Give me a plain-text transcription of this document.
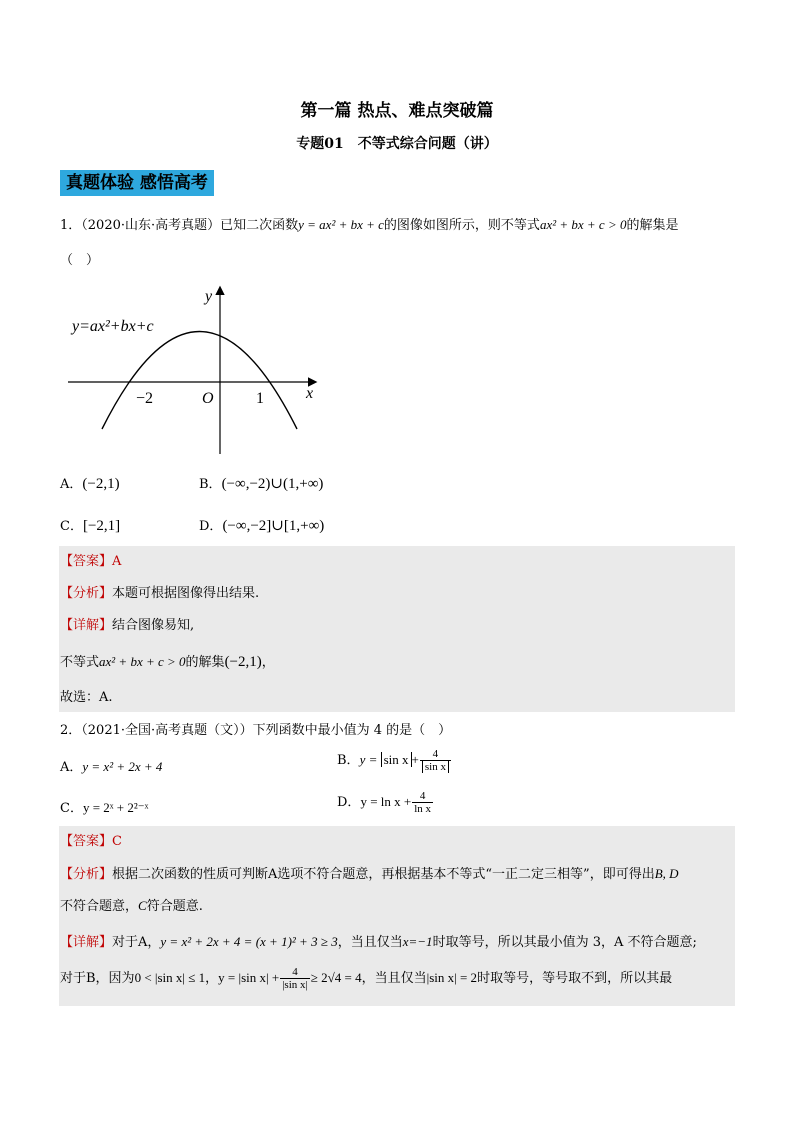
第一篇 热点、难点突破篇
专题01　不等式综合问题（讲）
真题体验 感悟高考
1．（2020·山东·高考真题）已知二次函数y = ax² + bx + c的图像如图所示，则不等式ax² + bx + c > 0的解集是
（　）
y=ax²+bx+c
y
x
O
−2	1
A．(−2,1)	B．(−∞,−2)∪(1,+∞)
C．[−2,1]	D．(−∞,−2]∪[1,+∞)
【答案】A
【分析】本题可根据图像得出结果.
【详解】结合图像易知,
不等式ax² + bx + c > 0的解集(−2,1)，
故选：A.
2．（2021·全国·高考真题（文））下列函数中最小值为 4 的是（　）
A．y = x² + 2x + 4	B．$y = \sin x + \frac{4}{\text{sin x}}$
C．y = 2ˣ + 2²⁻ˣ	D．$y = \ln x + \frac{4}{\text{ln x}}$
【答案】C
【分析】根据二次函数的性质可判断A选项不符合题意，再根据基本不等式“一正二定三相等”，即可得出B, D
不符合题意，C符合题意.
【详解】对于A，y = x² + 2x + 4 = (x + 1)² + 3 ≥ 3，当且仅当x=−1时取等号，所以其最小值为 3，A 不符合题意;
对于B，因为0 < |sin x| ≤ 1，y = |sin $x| + \frac{4}{\text{|sin x|}} \ge 2√4 = 4$，当且仅当|sin x| = 2时取等号，等号取不到，所以其最
